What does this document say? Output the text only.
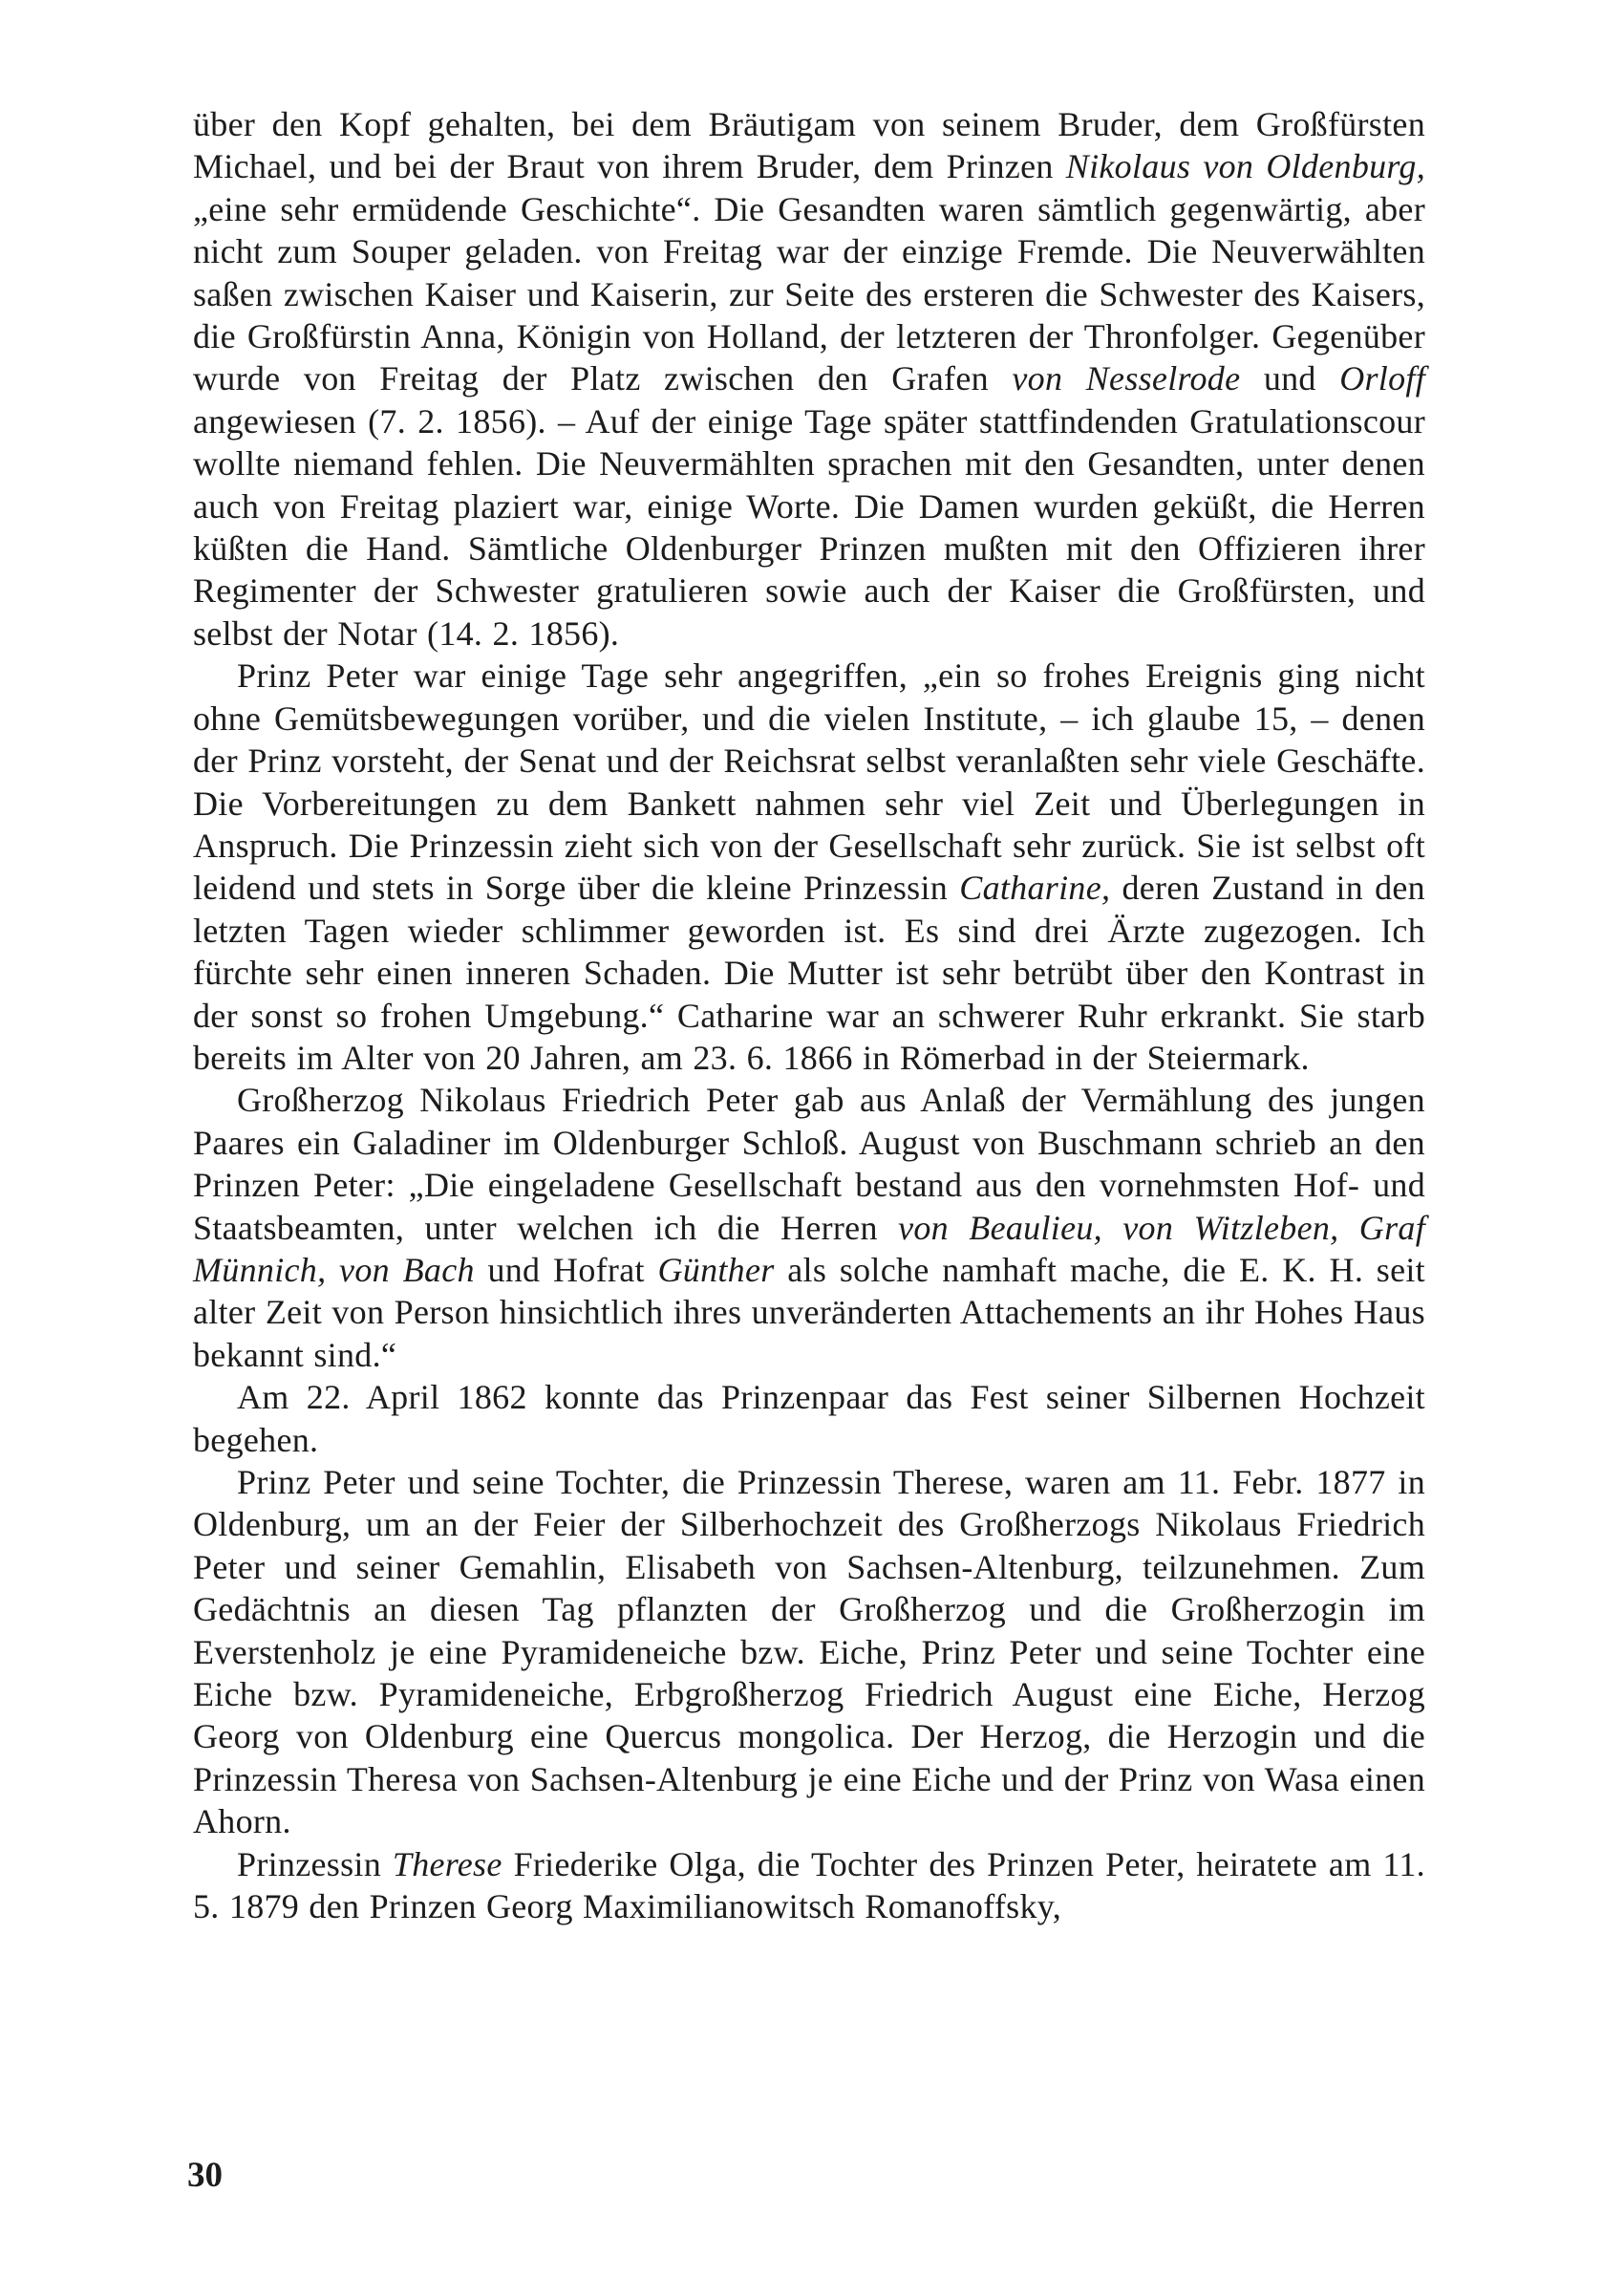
über den Kopf gehalten, bei dem Bräutigam von seinem Bruder, dem Großfürsten Michael, und bei der Braut von ihrem Bruder, dem Prinzen Nikolaus von Oldenburg, „eine sehr ermüdende Geschichte“. Die Gesandten waren sämtlich gegenwärtig, aber nicht zum Souper geladen. von Freitag war der einzige Fremde. Die Neuverwählten saßen zwischen Kaiser und Kaiserin, zur Seite des ersteren die Schwester des Kaisers, die Großfürstin Anna, Königin von Holland, der letzteren der Thronfolger. Gegenüber wurde von Freitag der Platz zwischen den Grafen von Nesselrode und Orloff angewiesen (7. 2. 1856). – Auf der einige Tage später stattfindenden Gratulationscour wollte niemand fehlen. Die Neuvermählten sprachen mit den Gesandten, unter denen auch von Freitag plaziert war, einige Worte. Die Damen wurden geküßt, die Herren küßten die Hand. Sämtliche Oldenburger Prinzen mußten mit den Offizieren ihrer Regimenter der Schwester gratulieren sowie auch der Kaiser die Großfürsten, und selbst der Notar (14. 2. 1856).

Prinz Peter war einige Tage sehr angegriffen, „ein so frohes Ereignis ging nicht ohne Gemütsbewegungen vorüber, und die vielen Institute, – ich glaube 15, – denen der Prinz vorsteht, der Senat und der Reichsrat selbst veranlaßten sehr viele Geschäfte. Die Vorbereitungen zu dem Bankett nahmen sehr viel Zeit und Überlegungen in Anspruch. Die Prinzessin zieht sich von der Gesellschaft sehr zurück. Sie ist selbst oft leidend und stets in Sorge über die kleine Prinzessin Catharine, deren Zustand in den letzten Tagen wieder schlimmer geworden ist. Es sind drei Ärzte zugezogen. Ich fürchte sehr einen inneren Schaden. Die Mutter ist sehr betrübt über den Kontrast in der sonst so frohen Umgebung.“ Catharine war an schwerer Ruhr erkrankt. Sie starb bereits im Alter von 20 Jahren, am 23. 6. 1866 in Römerbad in der Steiermark.

Großherzog Nikolaus Friedrich Peter gab aus Anlaß der Vermählung des jungen Paares ein Galadiner im Oldenburger Schloß. August von Buschmann schrieb an den Prinzen Peter: „Die eingeladene Gesellschaft bestand aus den vornehmsten Hof- und Staatsbeamten, unter welchen ich die Herren von Beaulieu, von Witzleben, Graf Münnich, von Bach und Hofrat Günther als solche namhaft mache, die E. K. H. seit alter Zeit von Person hinsichtlich ihres unveränderten Attachements an ihr Hohes Haus bekannt sind.“

Am 22. April 1862 konnte das Prinzenpaar das Fest seiner Silbernen Hochzeit begehen.

Prinz Peter und seine Tochter, die Prinzessin Therese, waren am 11. Febr. 1877 in Oldenburg, um an der Feier der Silberhochzeit des Großherzogs Nikolaus Friedrich Peter und seiner Gemahlin, Elisabeth von Sachsen-Altenburg, teilzunehmen. Zum Gedächtnis an diesen Tag pflanzten der Großherzog und die Großherzogin im Everstenholz je eine Pyramideneiche bzw. Eiche, Prinz Peter und seine Tochter eine Eiche bzw. Pyramideneiche, Erbgroßherzog Friedrich August eine Eiche, Herzog Georg von Oldenburg eine Quercus mongolica. Der Herzog, die Herzogin und die Prinzessin Theresa von Sachsen-Altenburg je eine Eiche und der Prinz von Wasa einen Ahorn.

Prinzessin Therese Friederike Olga, die Tochter des Prinzen Peter, heiratete am 11. 5. 1879 den Prinzen Georg Maximilianowitsch Romanoffsky,

30
